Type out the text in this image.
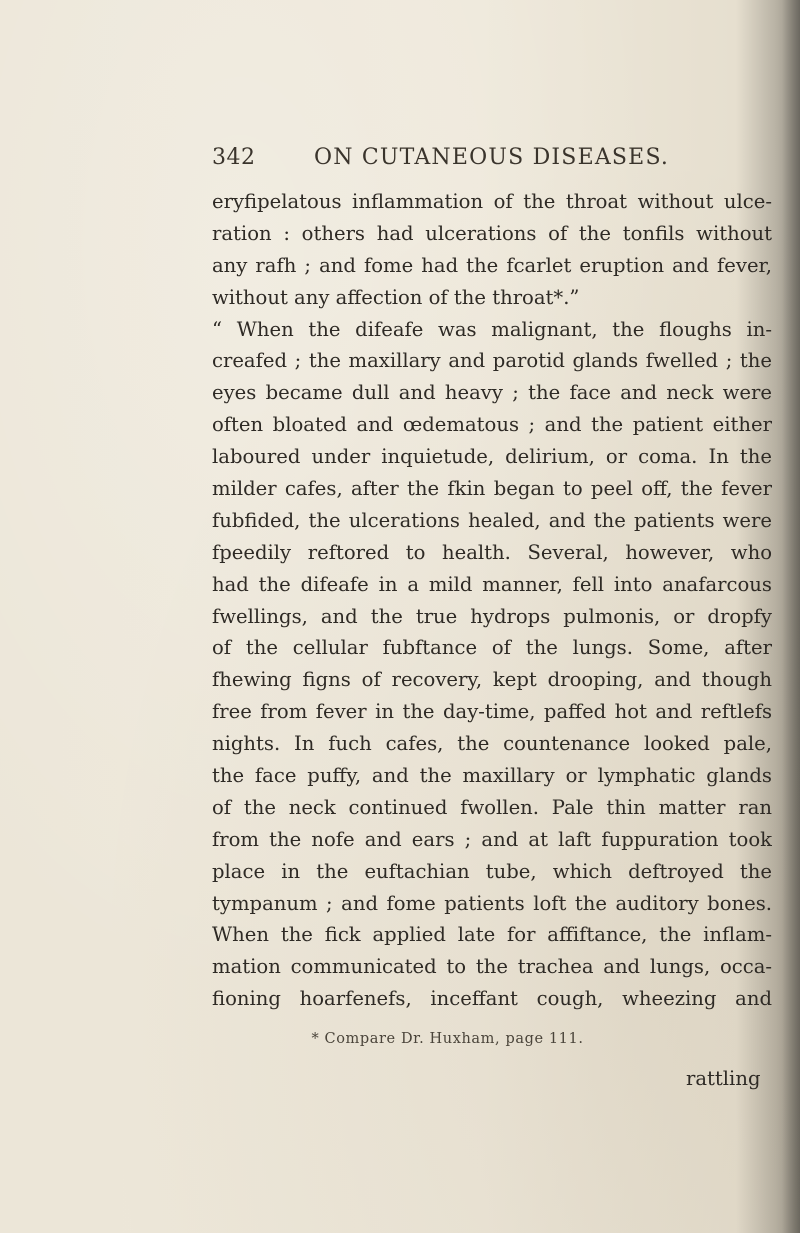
342	ON CUTANEOUS DISEASES.
eryfipelatous inflammation of the throat without ulce-
ration : others had ulcerations of the tonfils without
any rafh ; and fome had the fcarlet eruption and fever,
without any affection of the throat*.”
“ When the difeafe was malignant, the floughs in-
creafed ; the maxillary and parotid glands fwelled ; the
eyes became dull and heavy ; the face and neck were
often bloated and œdematous ; and the patient either
laboured under inquietude, delirium, or coma. In the
milder cafes, after the fkin began to peel off, the fever
fubfided, the ulcerations healed, and the patients were
fpeedily reftored to health. Several, however, who
had the difeafe in a mild manner, fell into anafarcous
fwellings, and the true hydrops pulmonis, or dropfy
of the cellular fubftance of the lungs. Some, after
fhewing figns of recovery, kept drooping, and though
free from fever in the day-time, paffed hot and reftlefs
nights. In fuch cafes, the countenance looked pale,
the face puffy, and the maxillary or lymphatic glands
of the neck continued fwollen. Pale thin matter ran
from the nofe and ears ; and at laft fuppuration took
place in the euftachian tube, which deftroyed the
tympanum ; and fome patients loft the auditory bones.
When the fick applied late for affiftance, the inflam-
mation communicated to the trachea and lungs, occa-
fioning hoarfenefs, inceffant cough, wheezing and
* Compare Dr. Huxham, page 111.
rattling
